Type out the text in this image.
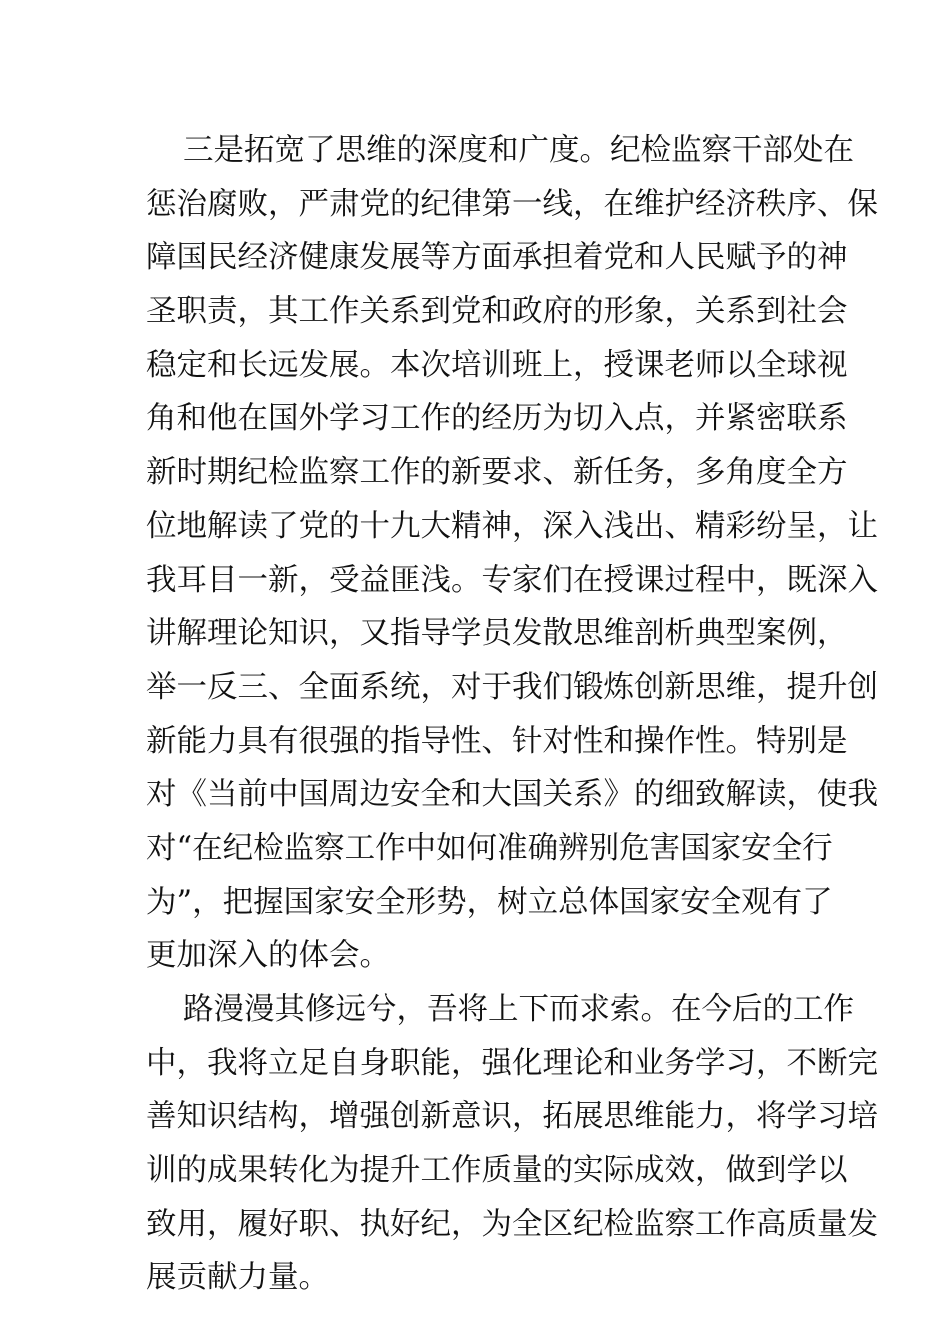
三是拓宽了思维的深度和广度。纪检监察干部处在
惩治腐败，严肃党的纪律第一线，在维护经济秩序、保
障国民经济健康发展等方面承担着党和人民赋予的神
圣职责，其工作关系到党和政府的形象，关系到社会
稳定和长远发展。本次培训班上，授课老师以全球视
角和他在国外学习工作的经历为切入点，并紧密联系
新时期纪检监察工作的新要求、新任务，多角度全方
位地解读了党的十九大精神，深入浅出、精彩纷呈，让
我耳目一新，受益匪浅。专家们在授课过程中，既深入
讲解理论知识，又指导学员发散思维剖析典型案例，
举一反三、全面系统，对于我们锻炼创新思维，提升创
新能力具有很强的指导性、针对性和操作性。特别是
对《当前中国周边安全和大国关系》的细致解读，使我
对“在纪检监察工作中如何准确辨别危害国家安全行
为”，把握国家安全形势，树立总体国家安全观有了
更加深入的体会。
路漫漫其修远兮，吾将上下而求索。在今后的工作
中，我将立足自身职能，强化理论和业务学习，不断完
善知识结构，增强创新意识，拓展思维能力，将学习培
训的成果转化为提升工作质量的实际成效，做到学以
致用，履好职、执好纪，为全区纪检监察工作高质量发
展贡献力量。
